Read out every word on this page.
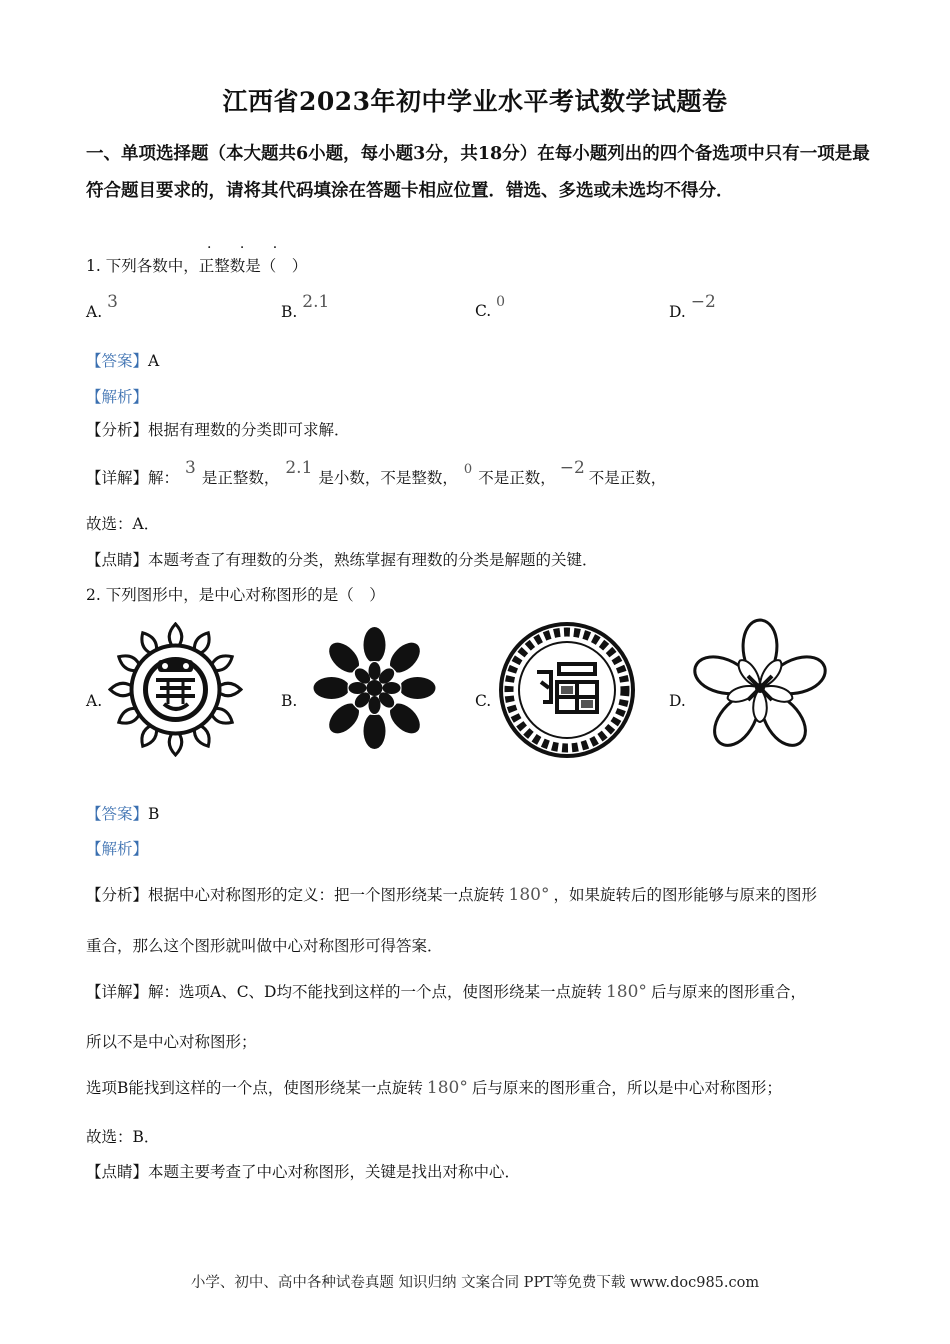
江西省2023年初中学业水平考试数学试题卷
一、单项选择题（本大题共6小题，每小题3分，共18分）在每小题列出的四个备选项中只有一项是最符合题目要求的，请将其代码填涂在答题卡相应位置．错选、多选或未选均不得分．
· · ·
1. 下列各数中，正整数是（　）
A. 3	B. 2.1	C. 0
D. −2
【答案】A
【解析】
【分析】根据有理数的分类即可求解．
【详解】解： 3 是正整数， 2.1 是小数，不是整数， $^0$ 不是正数， −2 不是正数，
故选：A．
【点睛】本题考查了有理数的分类，熟练掌握有理数的分类是解题的关键．
2. 下列图形中，是中心对称图形的是（　）
A.	B.	C.	D.
【答案】B
【解析】
【分析】根据中心对称图形的定义：把一个图形绕某一点旋转 180° ，如果旋转后的图形能够与原来的图形
重合，那么这个图形就叫做中心对称图形可得答案．
【详解】解：选项A、C、D均不能找到这样的一个点，使图形绕某一点旋转 180° 后与原来的图形重合，
所以不是中心对称图形；
选项B能找到这样的一个点，使图形绕某一点旋转 180° 后与原来的图形重合，所以是中心对称图形；
故选：B．
【点睛】本题主要考查了中心对称图形，关键是找出对称中心．
小学、初中、高中各种试卷真题 知识归纳 文案合同 PPT等免费下载 www.doc985.com
